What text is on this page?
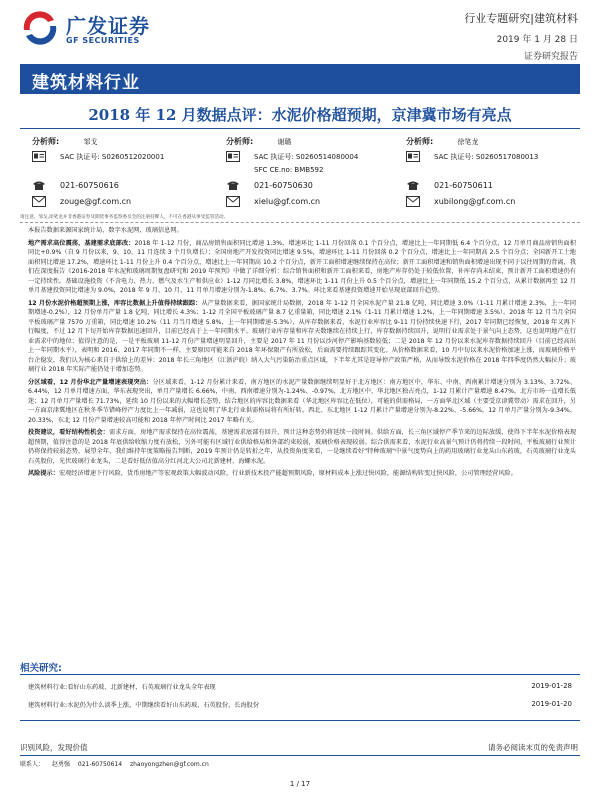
广发证券
GF SECURITIES
行业专题研究|建筑材料
2019 年 1 月 28 日
证券研究报告
建筑材料行业
2018 年 12 月数据点评：水泥价格超预期，京津冀市场有亮点
分析师:	邹戈
SAC 执证号: S0260512020001
021-60750616
zouge@gf.com.cn
分析师:	谢璐
SAC 执证号: S0260514080004
SFC CE.no: BMB592
021-60750630
xielu@gf.com.cn
分析师:	徐笔龙
SAC 执证号: S0260517080013
021-60750611
xubilong@gf.com.cn
请注意，邹戈,徐笔龙并非香港证券及期货事务监察委员会的注册持牌人，不可在香港从事受监管活动。

本报告数据来源国家统计局、数字水泥网、玻璃信息网。

地产需求高位震荡，基建需求底部改：2018 年 1-12 月份，商品房销售面积同比增速 1.3%，增速环比 1-11 月份回落 0.1 个百分点，增速比上一年同期低 6.4 个百分点，12 月单月商品房销售面积同比+0.9%（自 9 月份以来，9、10、11 月连续 3 个月负增长）；全国房地产开发投资同比增速 9.5%，增速环比 1-11 月份回落 0.2 个百分点，增速比上一年同期高 2.5 个百分点；全国新开工土地面积同比增速 17.2%，增速环比 1-11 月份上升 0.4 个百分点，增速比上一年同期高 10.2 个百分点，新开工面积增速继续保持在高位；新开工面积增速和销售面积增速出现不同于以往周期的背离，我们在深度报告《2016-2018 年水泥和玻璃周期复盘研究和 2019 年预判》中做了详细分析：综合销售面积和新开工面积来看，房地产库存仍处于较低位置，补库存尚未结束，预计新开工面积增速仍有一定持续性。基础设施投资（不含电力、热力、燃气及水生产和供应业）1-12 月同比增长 3.8%，增速环比 1-11 月份上升 0.5 个百分点，增速比上一年同期低 15.2 个百分点，从累计数据再至 12 月单月基建投资同比增速为 9.0%，2018 年 9 月、10 月、11 月单月增速分别为-1.8%、6.7%、3.7%。环比来看基建投资增速开始呈现底部回升趋势。

12 月份水泥价格超预期上涨，库容比数据上升值得持续跟踪：从产量数据来看，据国家统计局数据，2018 年 1-12 月全国水泥产量 21.8 亿吨，同比增速 3.0%（1-11 月累计增速 2.3%，上一年同期增速-0.2%），12 月份单月产量 1.8 亿吨，同比增长 4.3%；1-12 月全国平板玻璃产量 8.7 亿重量箱，同比增速 2.1%（1-11 月累计增速 1.2%，上一年同期增速 3.5%）。2018 年 12 月当月全国平板玻璃产量 7570 万重箱，同比增速 10.2%（11 月当月增速 5.8%，上一年同期增速-5.3%），从库存数据来看，水泥行业库容比 9-11 月份持续快速下行，2017 年同期已经恢复，2018 年又再下行幅度，不过 12 月下旬开始库存数据迅速回升，目前已经高于上一年同期水平。玻璃行业库存量和库存天数继续在持续上行，库存数据持续回升，说明行业需求处于景气向上态势，这也说明地产在行业需求中的地位；值得注意的是，一是平板玻璃 11-12 月份产量增速明显回升，主要是 2017 年 11 月份以沙河停产影响基数较低；二是 2018 年 12 月份以来水泥库存数据持续回升（目前已经高出上一年同期水平），表明和 2016、2017 年同期不一样，主要原因可能来自 2018 年环保限产有所放松，后面需要持续跟踪其变化。从价格数据来看，10 月中旬以来水泥价格加速上涨，而玻璃价格平台企稳发，我们认为核心来自于供给上的差异；2018 年长三角地区（江浙沪皖）纳入大气污染防治重点区域，下半年尤其是迎导停产政策严格，从而导致水泥价格在 2018 年四季度仍然大幅拉升；玻璃行业 2018 年实际产能仍处于增加态势。

分区域看，12 月份华北产量增速表现突出：分区域来看，1-12 月份累计来看，南方地区的水泥产量数据继续明显好于北方地区：南方地区中，华东、中南、西南累计增速分别为 3.13%、3.72%、6.44%，12 月单月增速方面，华东表现突出，单月产量增长 6.66%，中南、西南增速分别为-1.24%、-0.97%，北方地区中，华北地区独占亮点，1-12 月累计产量增速 8.47%，北方市场一直增长低迷；12 月单月产量增长 71.73%，延续 10 月份以来的大幅增长态势，结合地区的库容比数据来看（华北地区库容比在低位），可能的供需格局，一方面华北区域（主要受京津冀带动）需求在回升，另一方面京津冀地区在秋冬季节错峰停产力度比上一年减弱，这也说明了华北行业供需格局将有所好转。西北、东北地区 1-12 月累计产量增速分别为-8.22%、-5.66%，12 月单月产量分别为-9.34%、20.33%，东北 12 月份产量增速较高可能和 2018 年停产时间比 2017 年略有关。

投资建议，看好结构性机会：需求方面，房地产需求保持在高位震荡，基建需求底部有回升，预计这种态势仍将延续一段时间。供给方面，长三角区域停产季节来的边际放缓，使得下半年水泥价格表现超预期，值得注意的是 2018 年底供给收缩力度有放松，另外可能有区域行业供给格局和外部约束较弱，玻璃价格表现较弱。综合供需来看，水泥行业高景气预计仍将持续一段时间，平板玻璃行业预计仍将保持较弱态势，展望全年，我们维持年度策略报告判断，2019 年预计仍是转折之年，从投资角度来看，一是继续看好"特种玻璃"中景气度势向上的药用玻璃行业龙头山东药玻，石英玻璃行业龙头石英股份，光伏玻璃行业龙头，二是看好低估值高分红河北大公司北新建材、海螺水泥。

风险提示：宏观经济增速下行风险，货币房地产等宏观政策大幅波动风险，行业新技术投产能超预期风险，原材料成本上涨过快风险，能源结构转变过快风险，公司管理经营风险。

相关研究:
建筑材料行业:看好山东药玻、北新建材、石英玻璃行业龙头全年表现	2019-01-28
建筑材料行业:水泥仍为什么淡季上涨，中期继续看好山东药玻、石英股份，长海股份	2019-01-20
识别风险，发现价值	请务必阅读末页的免责声明
联系人： 赵勇强 021-60750614 zhaoyongzhen@gf.com.cn
1 / 17
